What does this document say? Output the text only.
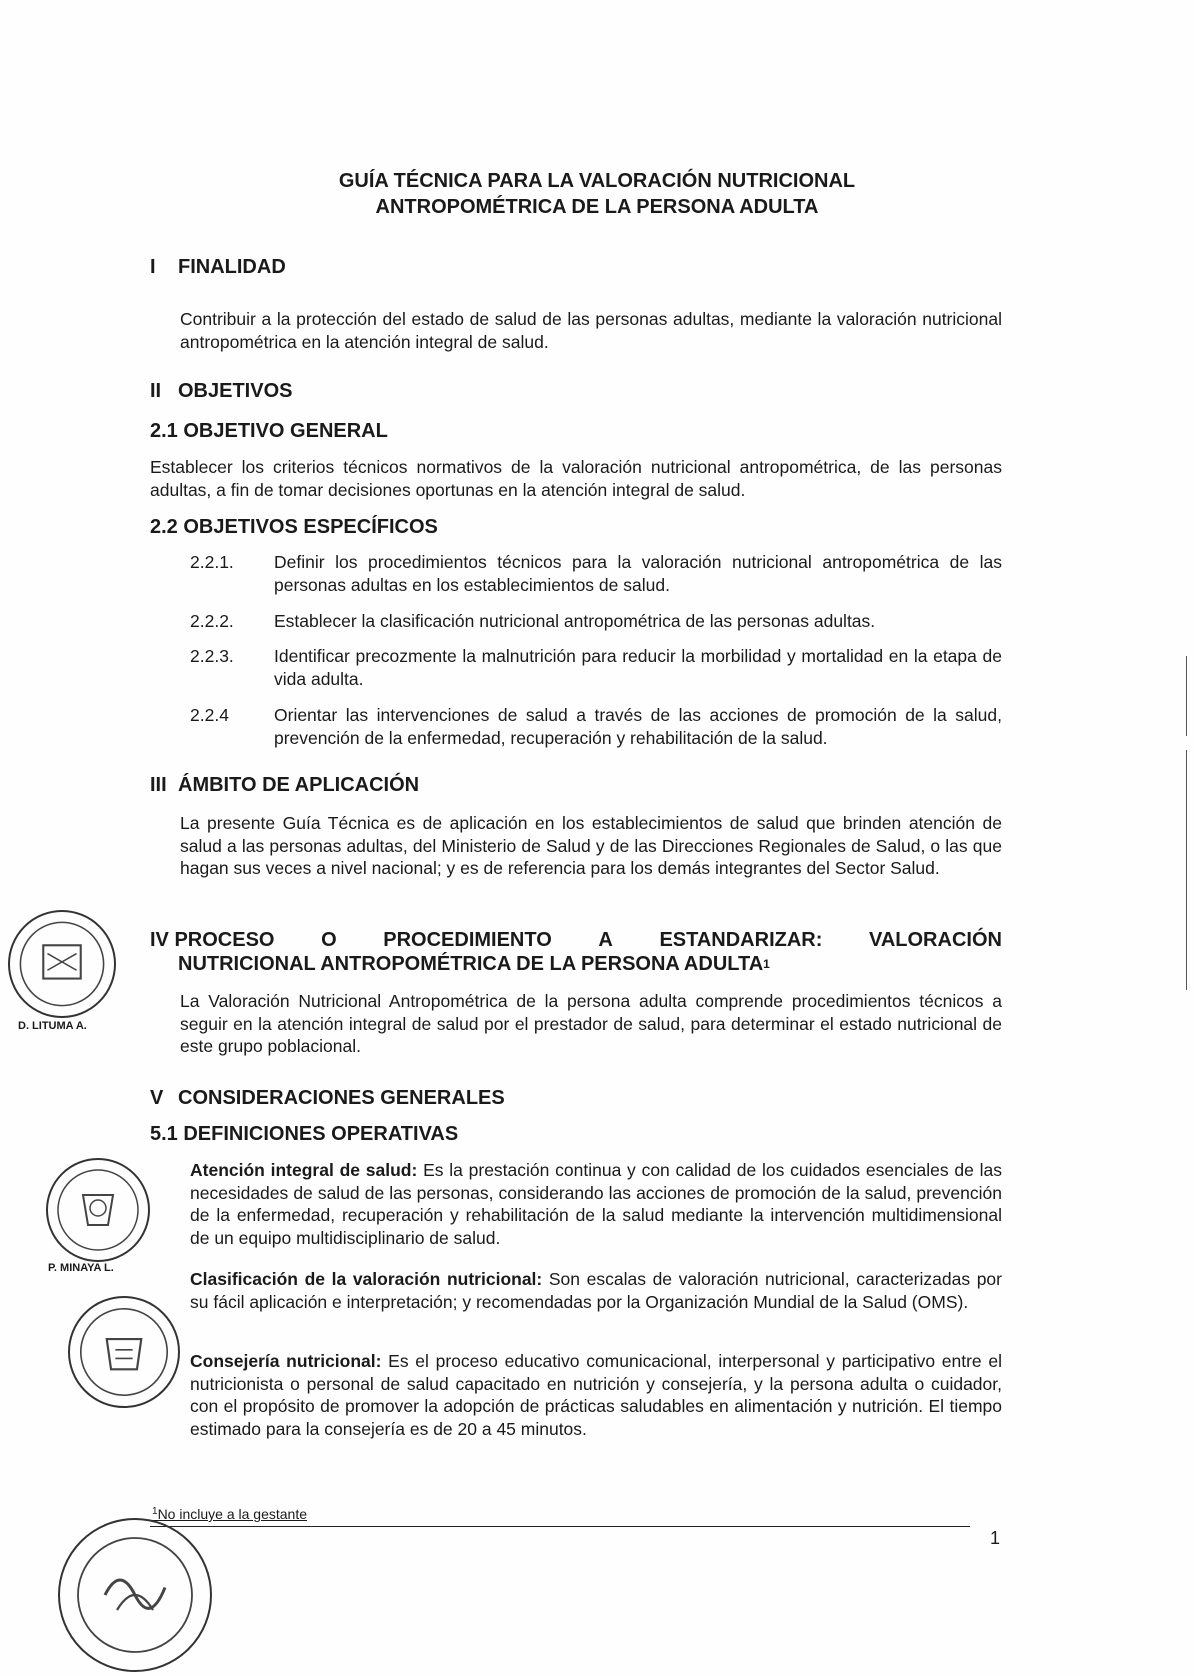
GUÍA TÉCNICA PARA LA VALORACIÓN NUTRICIONAL
ANTROPOMÉTRICA DE LA PERSONA ADULTA
I FINALIDAD
Contribuir a la protección del estado de salud de las personas adultas, mediante la valoración nutricional antropométrica en la atención integral de salud.
II OBJETIVOS
2.1 OBJETIVO GENERAL
Establecer los criterios técnicos normativos de la valoración nutricional antropométrica, de las personas adultas, a fin de tomar decisiones oportunas en la atención integral de salud.
2.2 OBJETIVOS ESPECÍFICOS
2.2.1.	Definir los procedimientos técnicos para la valoración nutricional antropométrica de las personas adultas en los establecimientos de salud.
2.2.2.	Establecer la clasificación nutricional antropométrica de las personas adultas.
2.2.3.	Identificar precozmente la malnutrición para reducir la morbilidad y mortalidad en la etapa de vida adulta.
2.2.4	Orientar las intervenciones de salud a través de las acciones de promoción de la salud, prevención de la enfermedad, recuperación y rehabilitación de la salud.
III ÁMBITO DE APLICACIÓN
La presente Guía Técnica es de aplicación en los establecimientos de salud que brinden atención de salud a las personas adultas, del Ministerio de Salud y de las Direcciones Regionales de Salud, o las que hagan sus veces a nivel nacional; y es de referencia para los demás integrantes del Sector Salud.
IV PROCESO O PROCEDIMIENTO A ESTANDARIZAR: VALORACIÓN
NUTRICIONAL ANTROPOMÉTRICA DE LA PERSONA ADULTA$^1$
La Valoración Nutricional Antropométrica de la persona adulta comprende procedimientos técnicos a seguir en la atención integral de salud por el prestador de salud, para determinar el estado nutricional de este grupo poblacional.
V CONSIDERACIONES GENERALES
5.1 DEFINICIONES OPERATIVAS
Atención integral de salud: Es la prestación continua y con calidad de los cuidados esenciales de las necesidades de salud de las personas, considerando las acciones de promoción de la salud, prevención de la enfermedad, recuperación y rehabilitación de la salud mediante la intervención multidimensional de un equipo multidisciplinario de salud.
Clasificación de la valoración nutricional: Son escalas de valoración nutricional, caracterizadas por su fácil aplicación e interpretación; y recomendadas por la Organización Mundial de la Salud (OMS).
Consejería nutricional: Es el proceso educativo comunicacional, interpersonal y participativo entre el nutricionista o personal de salud capacitado en nutrición y consejería, y la persona adulta o cuidador, con el propósito de promover la adopción de prácticas saludables en alimentación y nutrición. El tiempo estimado para la consejería es de 20 a 45 minutos.
$^1$No incluye a la gestante
1
D. LITUMA A.
P. MINAYA L.
